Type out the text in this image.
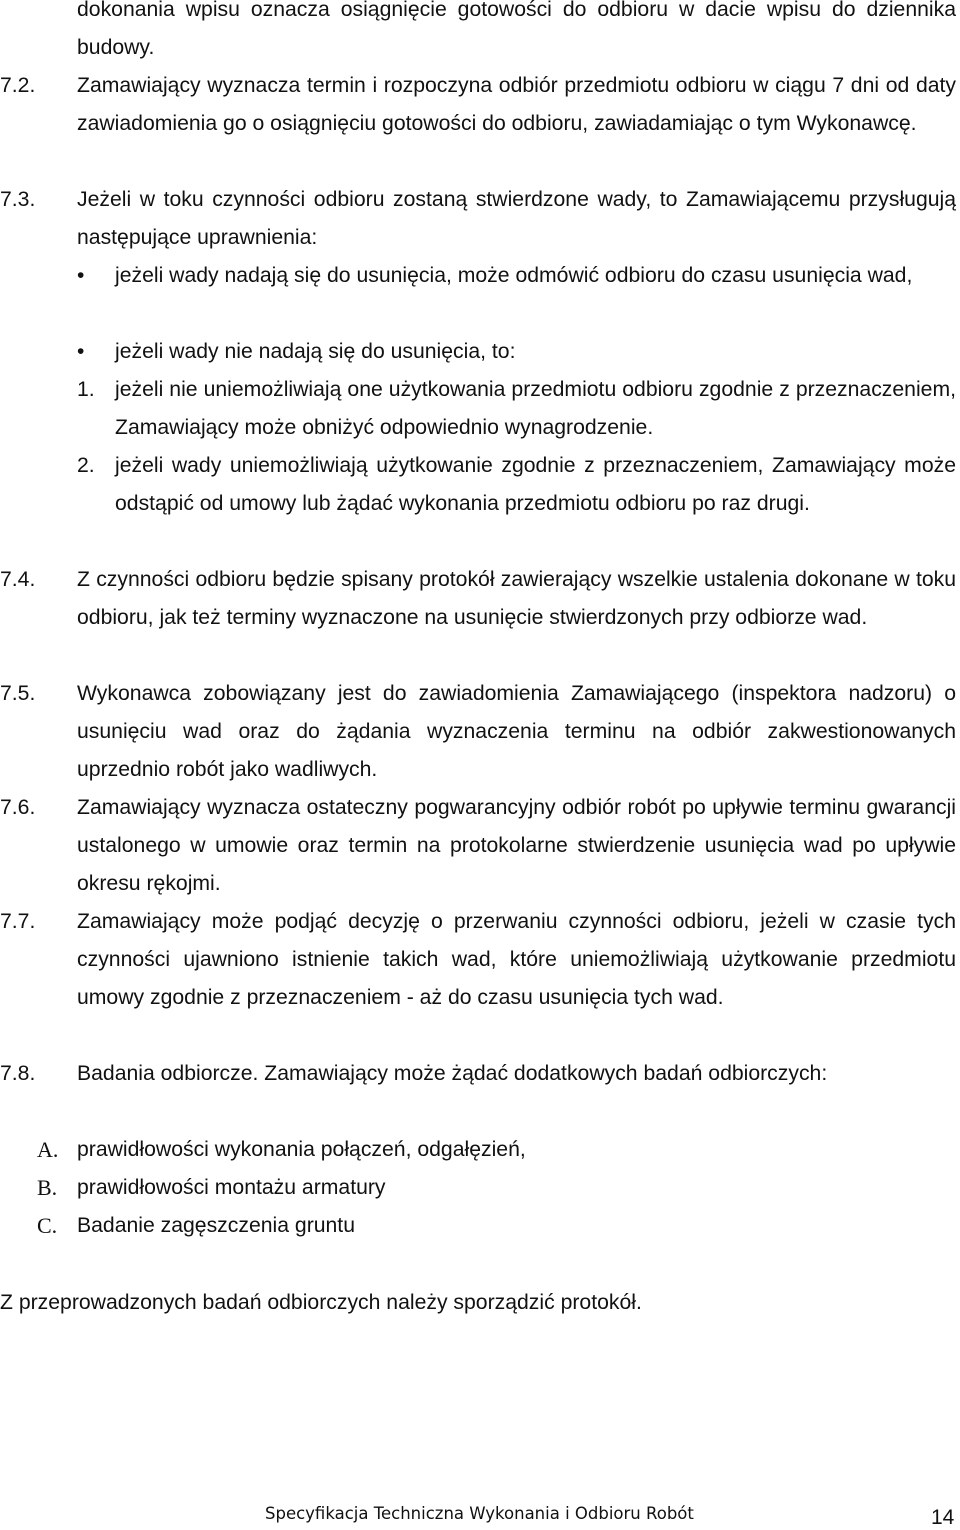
dokonania wpisu oznacza osiągnięcie gotowości do odbioru w dacie wpisu do dziennika budowy.
7.2. Zamawiający wyznacza termin i rozpoczyna odbiór przedmiotu odbioru w ciągu 7 dni od daty zawiadomienia go o osiągnięciu gotowości do odbioru, zawiadamiając o tym Wykonawcę.
7.3. Jeżeli w toku czynności odbioru zostaną stwierdzone wady, to Zamawiającemu przysługują następujące uprawnienia:
• jeżeli wady nadają się do usunięcia, może odmówić odbioru do czasu usunięcia wad,
• jeżeli wady nie nadają się do usunięcia, to:
1. jeżeli nie uniemożliwiają one użytkowania przedmiotu odbioru zgodnie z przeznaczeniem, Zamawiający może obniżyć odpowiednio wynagrodzenie.
2. jeżeli wady uniemożliwiają użytkowanie zgodnie z przeznaczeniem, Zamawiający może odstąpić od umowy lub żądać wykonania przedmiotu odbioru po raz drugi.
7.4. Z czynności odbioru będzie spisany protokół zawierający wszelkie ustalenia dokonane w toku odbioru, jak też terminy wyznaczone na usunięcie stwierdzonych przy odbiorze wad.
7.5. Wykonawca zobowiązany jest do zawiadomienia Zamawiającego (inspektora nadzoru) o usunięciu wad oraz do żądania wyznaczenia terminu na odbiór zakwestionowanych uprzednio robót jako wadliwych.
7.6. Zamawiający wyznacza ostateczny pogwarancyjny odbiór robót po upływie terminu gwarancji ustalonego w umowie oraz termin na protokolarne stwierdzenie usunięcia wad po upływie okresu rękojmi.
7.7. Zamawiający może podjąć decyzję o przerwaniu czynności odbioru, jeżeli w czasie tych czynności ujawniono istnienie takich wad, które uniemożliwiają użytkowanie przedmiotu umowy zgodnie z przeznaczeniem - aż do czasu usunięcia tych wad.
7.8. Badania odbiorcze. Zamawiający może żądać dodatkowych badań odbiorczych:
A. prawidłowości wykonania połączeń, odgałęzień,
B. prawidłowości montażu armatury
C. Badanie zagęszczenia gruntu
Z przeprowadzonych badań odbiorczych należy sporządzić protokół.
Specyfikacja Techniczna Wykonania i Odbioru Robót	14
